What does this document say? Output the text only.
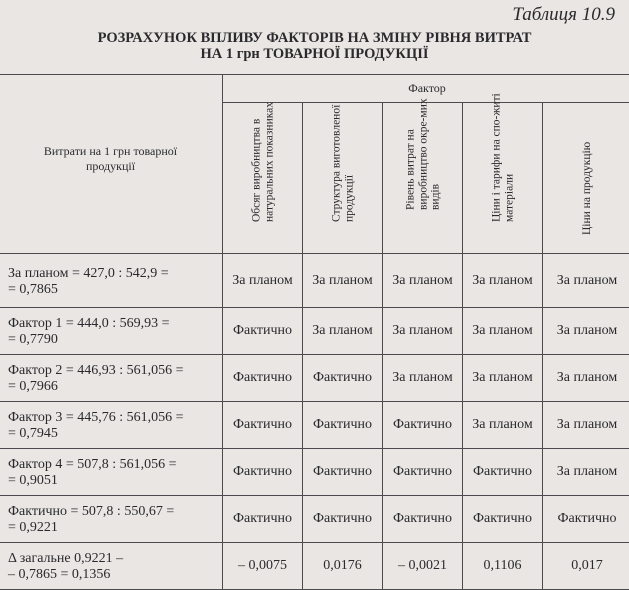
Таблиця 10.9
РОЗРАХУНОК ВПЛИВУ ФАКТОРІВ НА ЗМІНУ РІВНЯ ВИТРАТ
НА 1 грн ТОВАРНОЇ ПРОДУКЦІЇ
Витрати на 1 грн товарної продукції	Фактор				

	Обсяг виробництва в натуральних показниках	Структура виготовленої продукції	Рівень витрат на виробництво окре-мих видів	Ціни і тарифи на спо-житі матеріали	Ціни на продукцію

За планом = 427,0 : 542,9 =
= 0,7865	За планом	За планом	За планом	За планом	За планом

Фактор 1 = 444,0 : 569,93 =
= 0,7790	Фактично	За планом	За планом	За планом	За планом

Фактор 2 = 446,93 : 561,056 =
= 0,7966	Фактично	Фактично	За планом	За планом	За планом

Фактор 3 = 445,76 : 561,056 =
= 0,7945	Фактично	Фактично	Фактично	За планом	За планом

Фактор 4 = 507,8 : 561,056 =
= 0,9051	Фактично	Фактично	Фактично	Фактично	За планом

Фактично = 507,8 : 550,67 =
= 0,9221	Фактично	Фактично	Фактично	Фактично	Фактично

Δ загальне 0,9221 –
– 0,7865 = 0,1356	– 0,0075	0,0176	– 0,0021	0,1106	0,017
